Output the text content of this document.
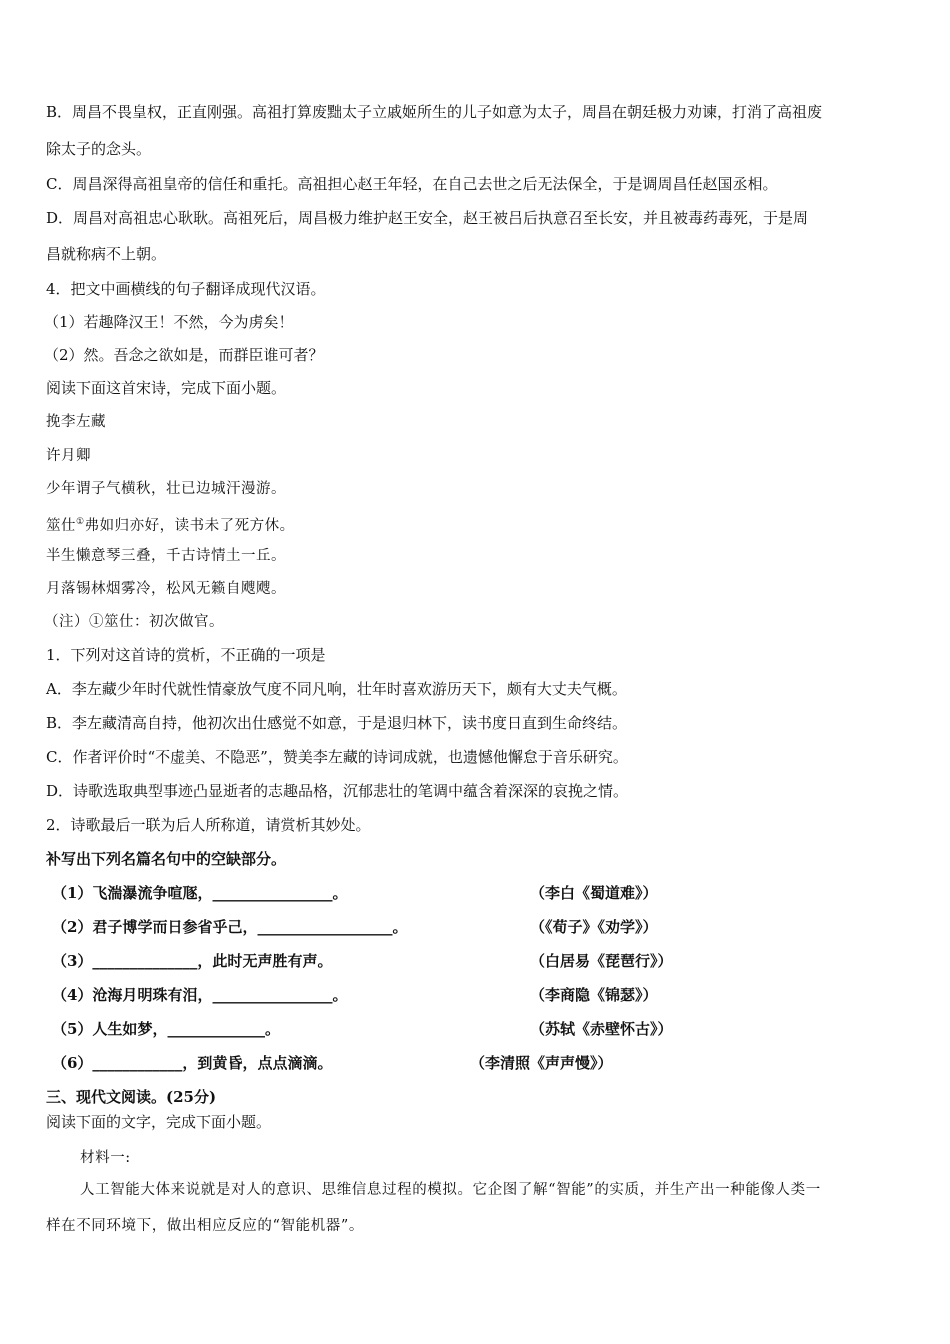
B．周昌不畏皇权，正直刚强。高祖打算废黜太子立戚姬所生的儿子如意为太子，周昌在朝廷极力劝谏，打消了高祖废
除太子的念头。
C．周昌深得高祖皇帝的信任和重托。高祖担心赵王年轻，在自己去世之后无法保全，于是调周昌任赵国丞相。
D．周昌对高祖忠心耿耿。高祖死后，周昌极力维护赵王安全，赵王被吕后执意召至长安，并且被毒药毒死，于是周
昌就称病不上朝。
4．把文中画横线的句子翻译成现代汉语。
（1）若趣降汉王！不然，今为虏矣！
（2）然。吾念之欲如是，而群臣谁可者？
阅读下面这首宋诗，完成下面小题。
挽李左藏
许月卿
少年谓子气横秋，壮已边城汗漫游。
筮仕①弗如归亦好，读书未了死方休。
半生懒意琴三叠，千古诗情土一丘。
月落锡林烟雾冷，松风无籁自飕飕。
（注）①筮仕：初次做官。
1．下列对这首诗的赏析，不正确的一项是
A．李左藏少年时代就性情豪放气度不同凡响，壮年时喜欢游历天下，颇有大丈夫气概。
B．李左藏清高自持，他初次出仕感觉不如意，于是退归林下，读书度日直到生命终结。
C．作者评价时“不虚美、不隐恶”，赞美李左藏的诗词成就，也遗憾他懈怠于音乐研究。
D．诗歌选取典型事迹凸显逝者的志趣品格，沉郁悲壮的笔调中蕴含着深深的哀挽之情。
2．诗歌最后一联为后人所称道，请赏析其妙处。
补写出下列名篇名句中的空缺部分。
（1）飞湍瀑流争喧豗，________________。	（李白《蜀道难》）
（2）君子博学而日参省乎己，__________________。	（《荀子》《劝学》）
（3）______________，此时无声胜有声。	（白居易《琵琶行》）
（4）沧海月明珠有泪，________________。	（李商隐《锦瑟》）
（5）人生如梦，_____________。	（苏轼《赤壁怀古》）
（6）____________，到黄昏，点点滴滴。	（李清照《声声慢》）
三、现代文阅读。(25分)
阅读下面的文字，完成下面小题。
材料一:
人工智能大体来说就是对人的意识、思维信息过程的模拟。它企图了解“智能”的实质，并生产出一种能像人类一
样在不同环境下，做出相应反应的“智能机器”。
